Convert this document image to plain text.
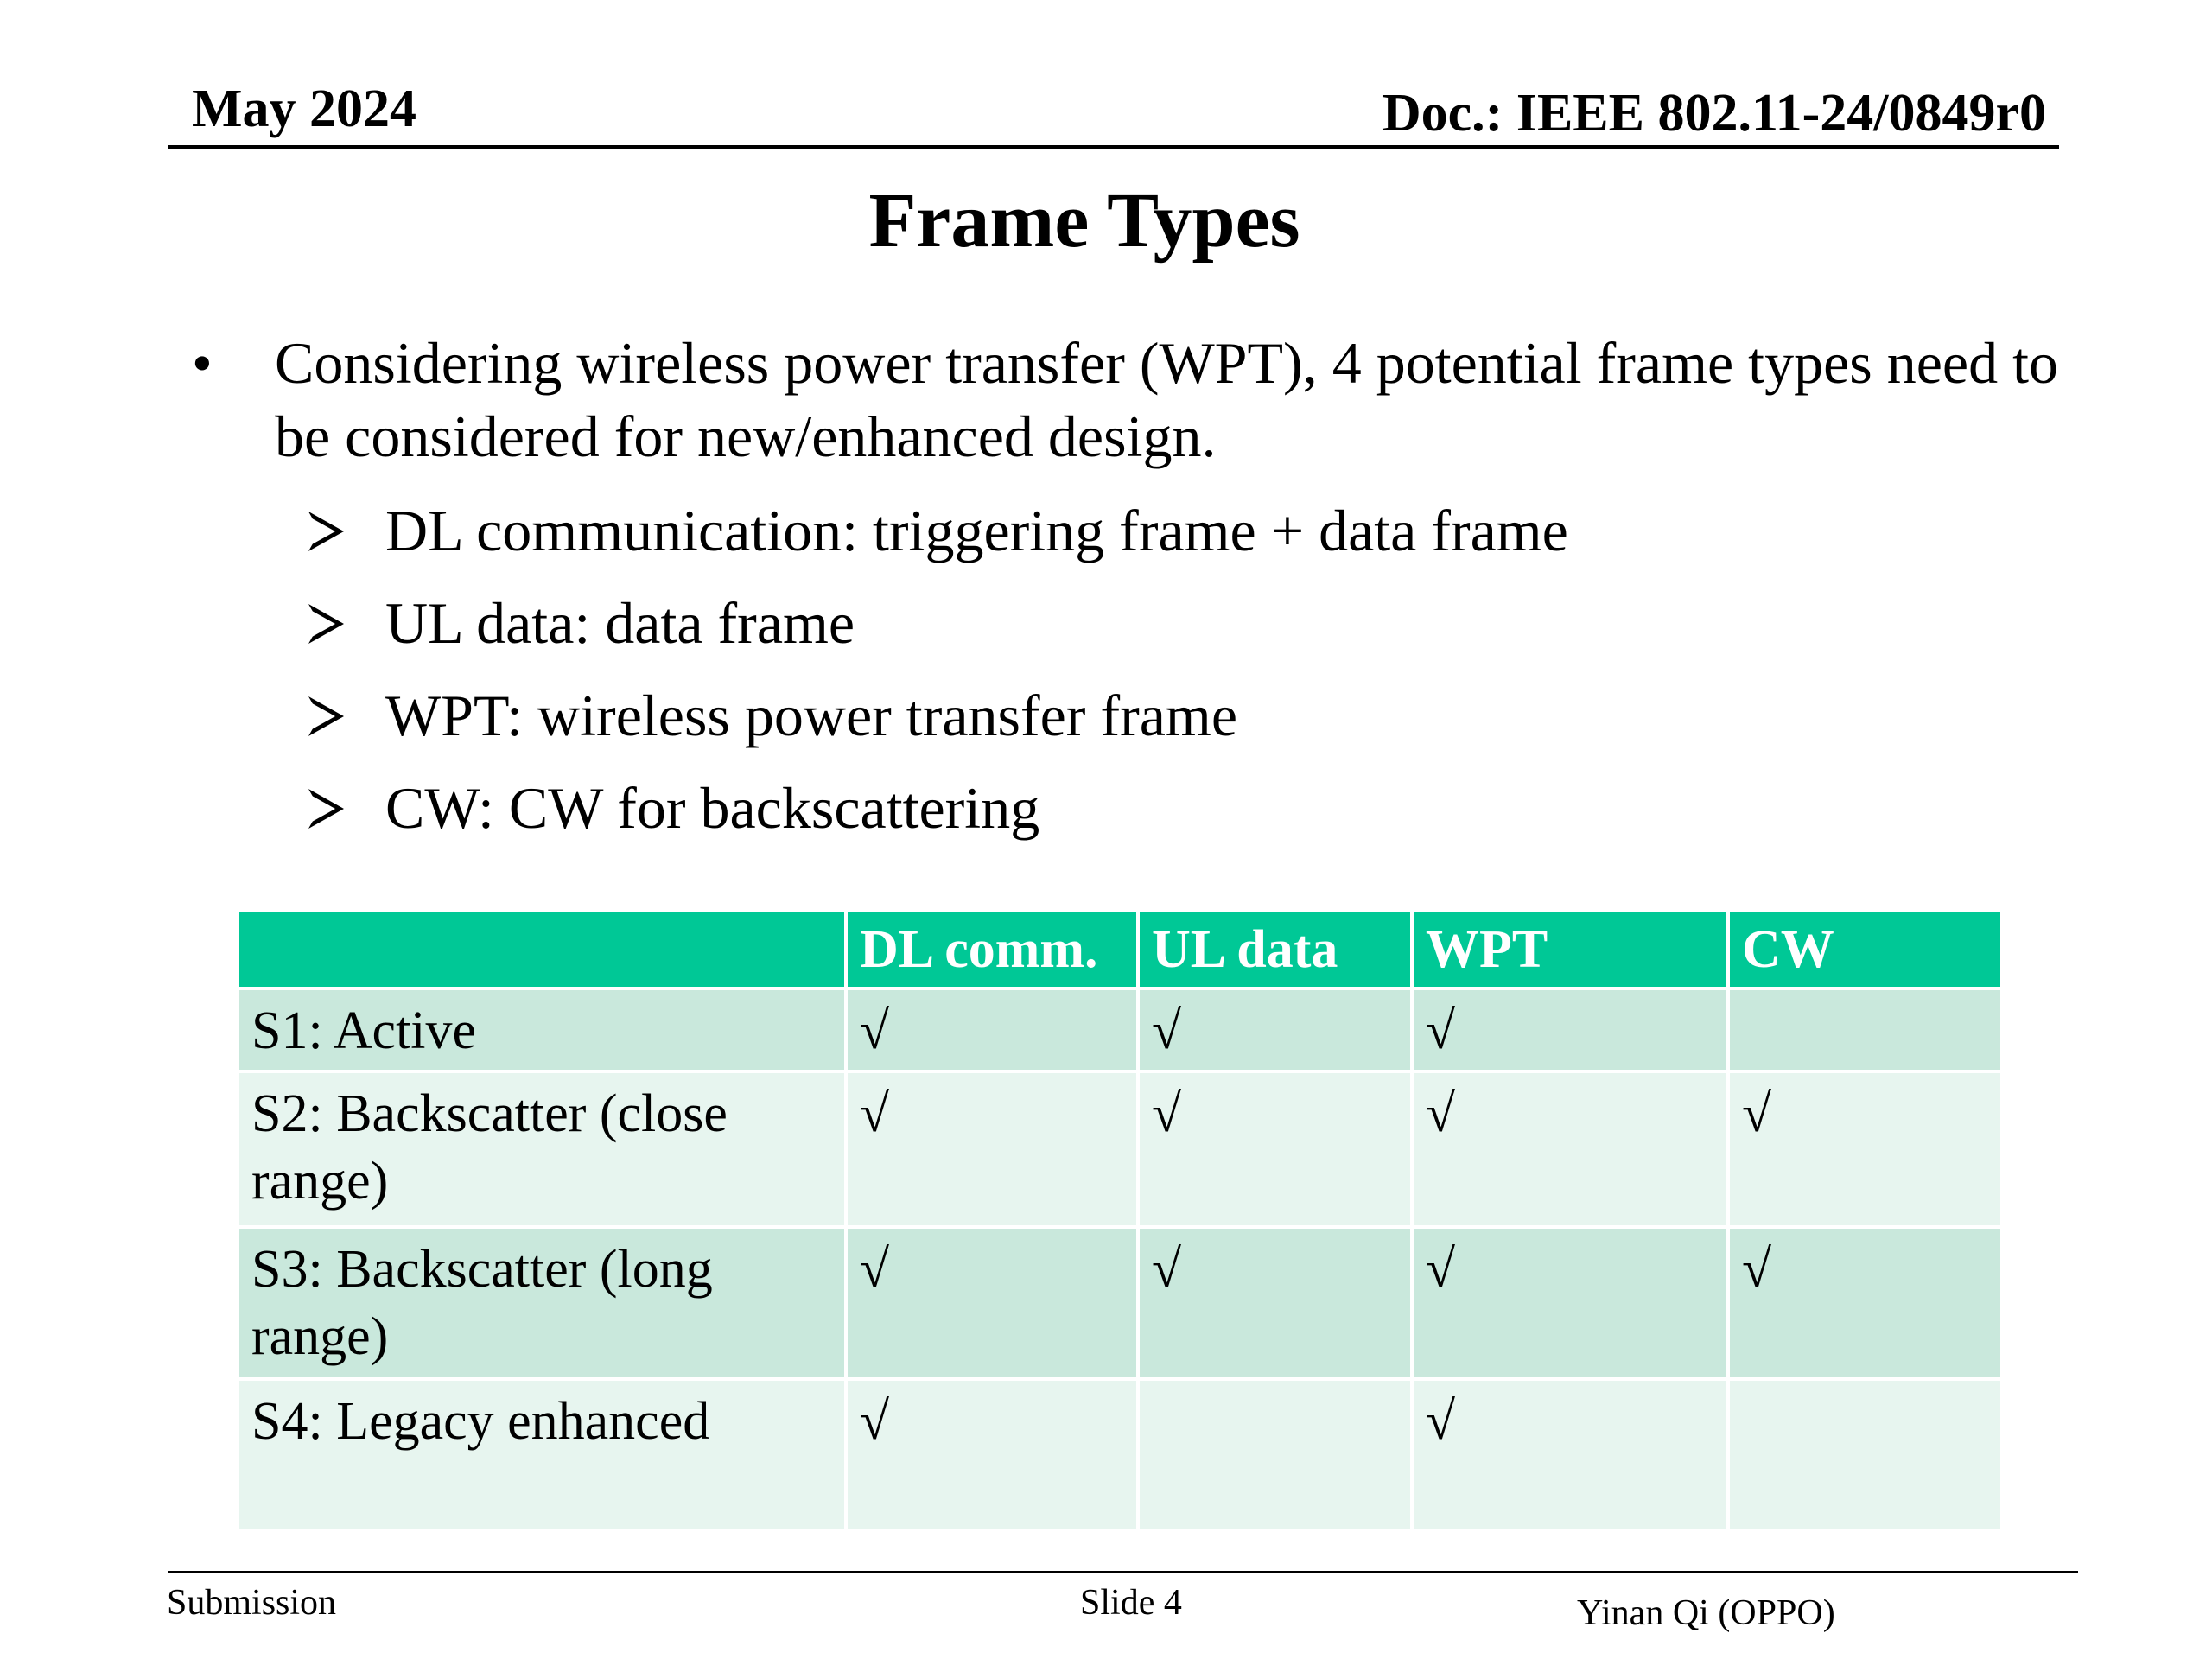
May 2024	Doc.: IEEE 802.11-24/0849r0
Frame Types
• Considering wireless power transfer (WPT), 4 potential frame types need to be considered for new/enhanced design.
DL communication: triggering frame + data frame
UL data: data frame
WPT: wireless power transfer frame
CW: CW for backscattering
	DL comm.	UL data	WPT	CW
S1: Active	√	√	√	
S2: Backscatter (close range)	√	√	√	√
S3: Backscatter (long range)	√	√	√	√
S4: Legacy enhanced	√		√	
Submission	Slide 4	Yinan Qi (OPPO)
